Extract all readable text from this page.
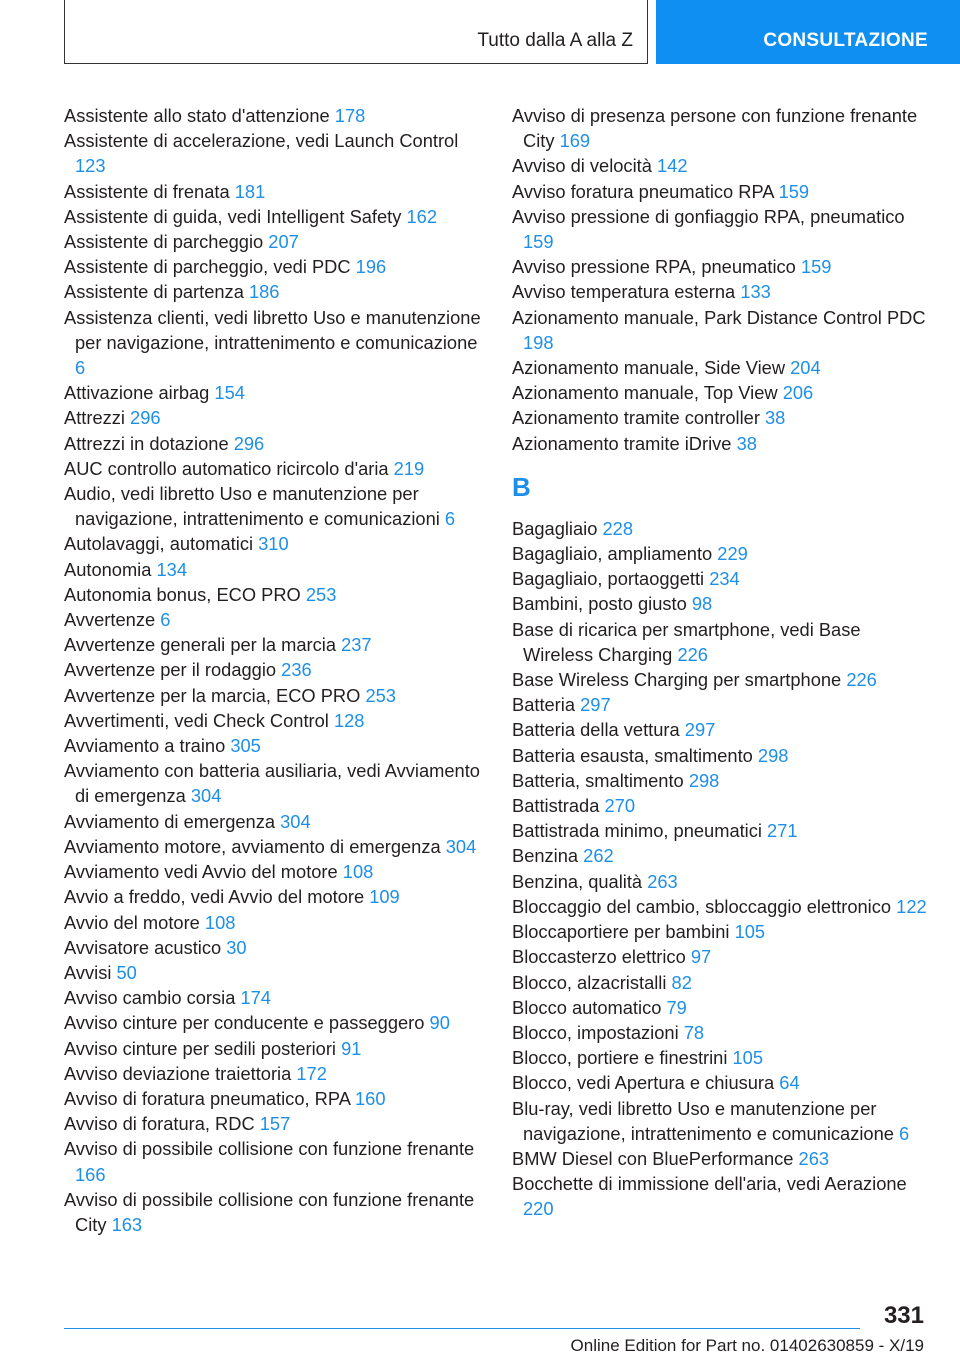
Tutto dalla A alla Z	CONSULTAZIONE
Assistente allo stato d'attenzione 178
Assistente di accelerazione, vedi Launch Control 123
Assistente di frenata 181
Assistente di guida, vedi Intelligent Safety 162
Assistente di parcheggio 207
Assistente di parcheggio, vedi PDC 196
Assistente di partenza 186
Assistenza clienti, vedi libretto Uso e manutenzione per navigazione, intrattenimento e comunicazione 6
Attivazione airbag 154
Attrezzi 296
Attrezzi in dotazione 296
AUC controllo automatico ricircolo d'aria 219
Audio, vedi libretto Uso e manutenzione per navigazione, intrattenimento e comunicazioni 6
Autolavaggi, automatici 310
Autonomia 134
Autonomia bonus, ECO PRO 253
Avvertenze 6
Avvertenze generali per la marcia 237
Avvertenze per il rodaggio 236
Avvertenze per la marcia, ECO PRO 253
Avvertimenti, vedi Check Control 128
Avviamento a traino 305
Avviamento con batteria ausiliaria, vedi Avviamento di emergenza 304
Avviamento di emergenza 304
Avviamento motore, avviamento di emergenza 304
Avviamento vedi Avvio del motore 108
Avvio a freddo, vedi Avvio del motore 109
Avvio del motore 108
Avvisatore acustico 30
Avvisi 50
Avviso cambio corsia 174
Avviso cinture per conducente e passeggero 90
Avviso cinture per sedili posteriori 91
Avviso deviazione traiettoria 172
Avviso di foratura pneumatico, RPA 160
Avviso di foratura, RDC 157
Avviso di possibile collisione con funzione frenante 166
Avviso di possibile collisione con funzione frenante City 163
Avviso di presenza persone con funzione frenante City 169
Avviso di velocità 142
Avviso foratura pneumatico RPA 159
Avviso pressione di gonfiaggio RPA, pneumatico 159
Avviso pressione RPA, pneumatico 159
Avviso temperatura esterna 133
Azionamento manuale, Park Distance Control PDC 198
Azionamento manuale, Side View 204
Azionamento manuale, Top View 206
Azionamento tramite controller 38
Azionamento tramite iDrive 38
B
Bagagliaio 228
Bagagliaio, ampliamento 229
Bagagliaio, portaoggetti 234
Bambini, posto giusto 98
Base di ricarica per smartphone, vedi Base Wireless Charging 226
Base Wireless Charging per smartphone 226
Batteria 297
Batteria della vettura 297
Batteria esausta, smaltimento 298
Batteria, smaltimento 298
Battistrada 270
Battistrada minimo, pneumatici 271
Benzina 262
Benzina, qualità 263
Bloccaggio del cambio, sbloccaggio elettronico 122
Bloccaportiere per bambini 105
Bloccasterzo elettrico 97
Blocco, alzacristalli 82
Blocco automatico 79
Blocco, impostazioni 78
Blocco, portiere e finestrini 105
Blocco, vedi Apertura e chiusura 64
Blu-ray, vedi libretto Uso e manutenzione per navigazione, intrattenimento e comunicazione 6
BMW Diesel con BluePerformance 263
Bocchette di immissione dell'aria, vedi Aerazione 220
331
Online Edition for Part no. 01402630859 - X/19
